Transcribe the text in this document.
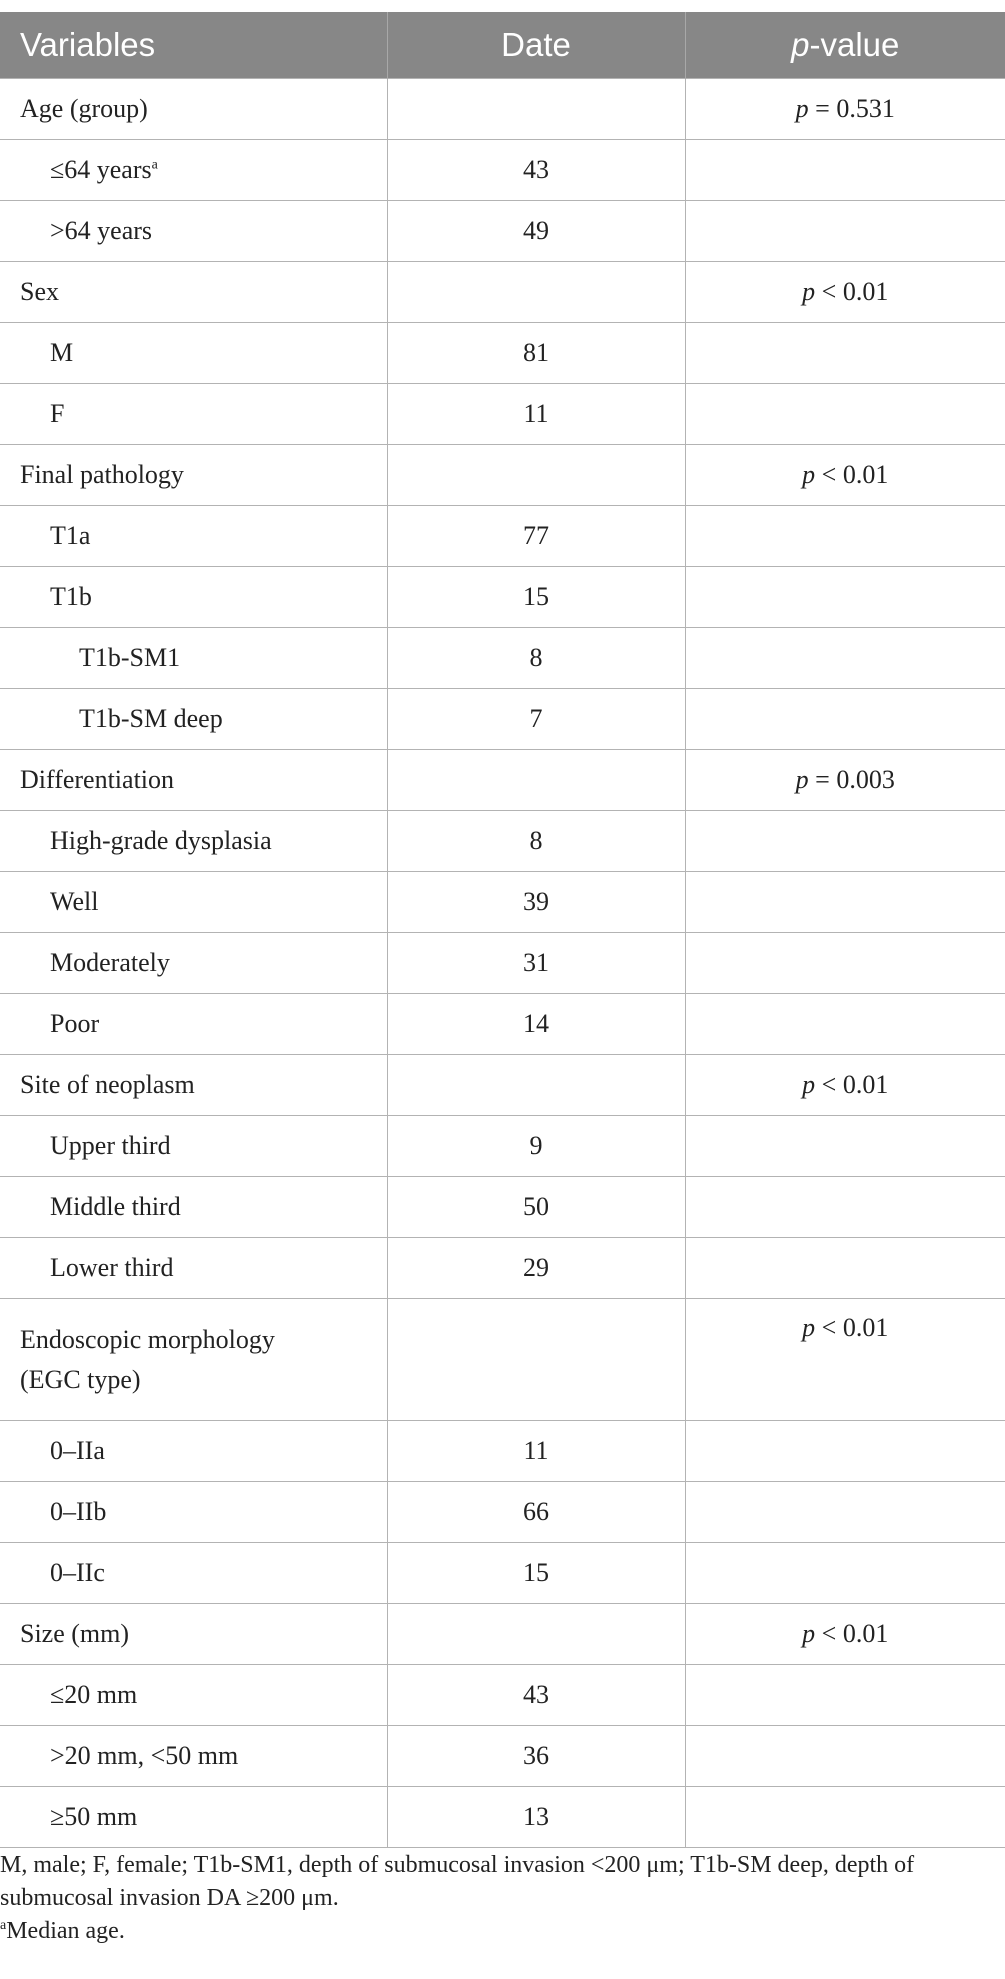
Variables	Date	p-value
Age (group)		p = 0.531
≤64 years$^a$	43	
>64 years	49	
Sex		p < 0.01
M	81	
F	11	
Final pathology		p < 0.01
T1a	77	
T1b	15	
T1b-SM1	8	
T1b-SM deep	7	
Differentiation		p = 0.003
High-grade dysplasia	8	
Well	39	
Moderately	31	
Poor	14	
Site of neoplasm		p < 0.01
Upper third	9	
Middle third	50	
Lower third	29	
Endoscopic morphology
(EGC type)		p < 0.01
0–IIa	11	
0–IIb	66	
0–IIc	15	
Size (mm)		p < 0.01
≤20 mm	43	
>20 mm, <50 mm	36	
≥50 mm	13	

M, male; F, female; T1b-SM1, depth of submucosal invasion <200 μm; T1b-SM deep, depth of submucosal invasion DA ≥200 μm.

$^a$Median age.
